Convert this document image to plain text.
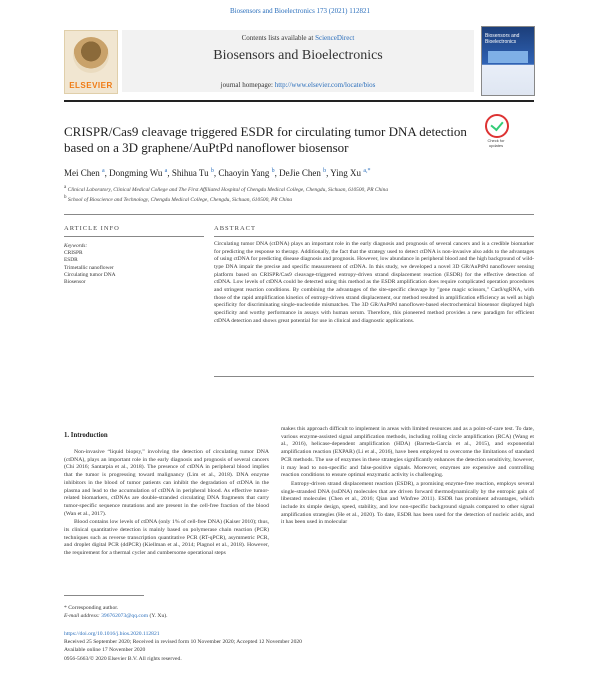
Biosensors and Bioelectronics 173 (2021) 112821
ELSEVIER
Contents lists available at ScienceDirect
Biosensors and Bioelectronics
journal homepage: http://www.elsevier.com/locate/bios
Biosensors and Bioelectronics
CRISPR/Cas9 cleavage triggered ESDR for circulating tumor DNA detection based on a 3D graphene/AuPtPd nanoflower biosensor	Check for updates
Mei Chen $^a$, Dongming Wu $^a$, Shihua Tu $^b$, Chaoyin Yang $^b$, DeJie Chen $^b$, Ying Xu $^{a,*}$
$^a$ Clinical Laboratory, Clinical Medical College and The First Affiliated Hospital of Chengdu Medical College, Chengdu, Sichuan, 610500, PR China
$^b$ School of Bioscience and Technology, Chengdu Medical College, Chengdu, Sichuan, 610500, PR China
ARTICLE INFO	ABSTRACT
Keywords:
CRISPR
ESDR
Trimetallic nanoflower
Circulating tumor DNA
Biosensor
Circulating tumor DNA (ctDNA) plays an important role in the early diagnosis and prognosis of several cancers and is a credible biomarker for predicting the response to therapy. Additionally, the fact that the strategy used to detect ctDNA is non-invasive also adds to the advantages of using ctDNA for predicting disease diagnosis and prognosis. However, low abundance in peripheral blood and the high background of wild-type DNA impair the precise and specific measurement of ctDNA. In this study, we developed a novel 3D GR/AuPtPd nanoflower sensing platform based on CRISPR/Cas9 cleavage-triggered entropy-driven strand displacement reaction (ESDR) for the effective detection of ctDNA. Low levels of ctDNA could be detected using this method as the ESDR amplification does require complicated operation procedures and stringent reaction conditions. By combining the advantages of the site-specific cleavage by "gene magic scissors," Cas9/sgRNA, with those of the rapid amplification kinetics of entropy-driven strand displacement, our method resulted in amplification efficiency as well as high specificity for discriminating single-nucleotide mismatches. The 3D GR/AuPtPd nanoflower-based electrochemical biosensor displayed high specificity and worthy performance in assays with human serum. Therefore, this pioneered method provides a new paradigm for efficient ctDNA detection and shows great potential for use in clinical and diagnostic applications.
1. Introduction

Non-invasive “liquid biopsy,” involving the detection of circulating tumor DNA (ctDNA), plays an important role in the early diagnosis and prognosis of several cancers (Chi 2016; Santarpia et al., 2018). The presence of ctDNA in peripheral blood implies that the tumor is progressing toward malignancy (Lim et al., 2018). DNA enzyme inhibitors in the blood of tumor patients can inhibit the degradation of ctDNA in the plasma and lead to the accumulation of ctDNA in peripheral blood. As effective tumor-related biomarkers, ctDNAs are double-stranded circulating DNA fragments that carry tumor-specific sequence mutations and are present in the cell-free fraction of the blood (Wan et al., 2017).

Blood contains low levels of ctDNA (only 1% of cell-free DNA) (Kaiser 2010); thus, its clinical quantitative detection is mainly based on polymerase chain reaction (PCR) techniques such as reverse transcription quantitative PCR (RT-qPCR), asymmetric PCR, and droplet digital PCR (ddPCR) (Kiellman et al., 2014; Plagnol et al., 2018). However, the requirement for a thermal cycler and cumbersome operational steps

makes this approach difficult to implement in areas with limited resources and as a point-of-care test. To date, various enzyme-assisted signal amplification methods, including rolling circle amplification (RCA) (Wang et al., 2016), helicase-dependent amplification (HDA) (Barreda-García et al., 2015), and exponential amplification reaction (EXPAR) (Li et al., 2016), have been employed to overcome the limitations of standard PCR methods. The use of enzymes in these strategies significantly enhances the detection sensitivity, however, it may lead to non-specific and false-positive signals. Moreover, enzymes are expensive and controlling reaction conditions to ensure optimal enzymatic activity is challenging.

Entropy-driven strand displacement reaction (ESDR), a promising enzyme-free reaction, employs several single-stranded DNA (ssDNA) molecules that are driven forward thermodynamically by the entropic gain of liberated molecules (Chen et al., 2016; Qian and Winfree 2011). ESDR has prominent advantages, which include its simple design, speed, stability, and low non-specific background signals compared to other signal amplification strategies (He et al., 2020). To date, ESDR has been used for the detection of nucleic acids, and it has been used in molecular

* Corresponding author.
E-mail address: 396762073@qq.com (Y. Xu).
https://doi.org/10.1016/j.bios.2020.112821
Received 25 September 2020; Received in revised form 10 November 2020; Accepted 12 November 2020
Available online 17 November 2020
0956-5663/© 2020 Elsevier B.V. All rights reserved.
